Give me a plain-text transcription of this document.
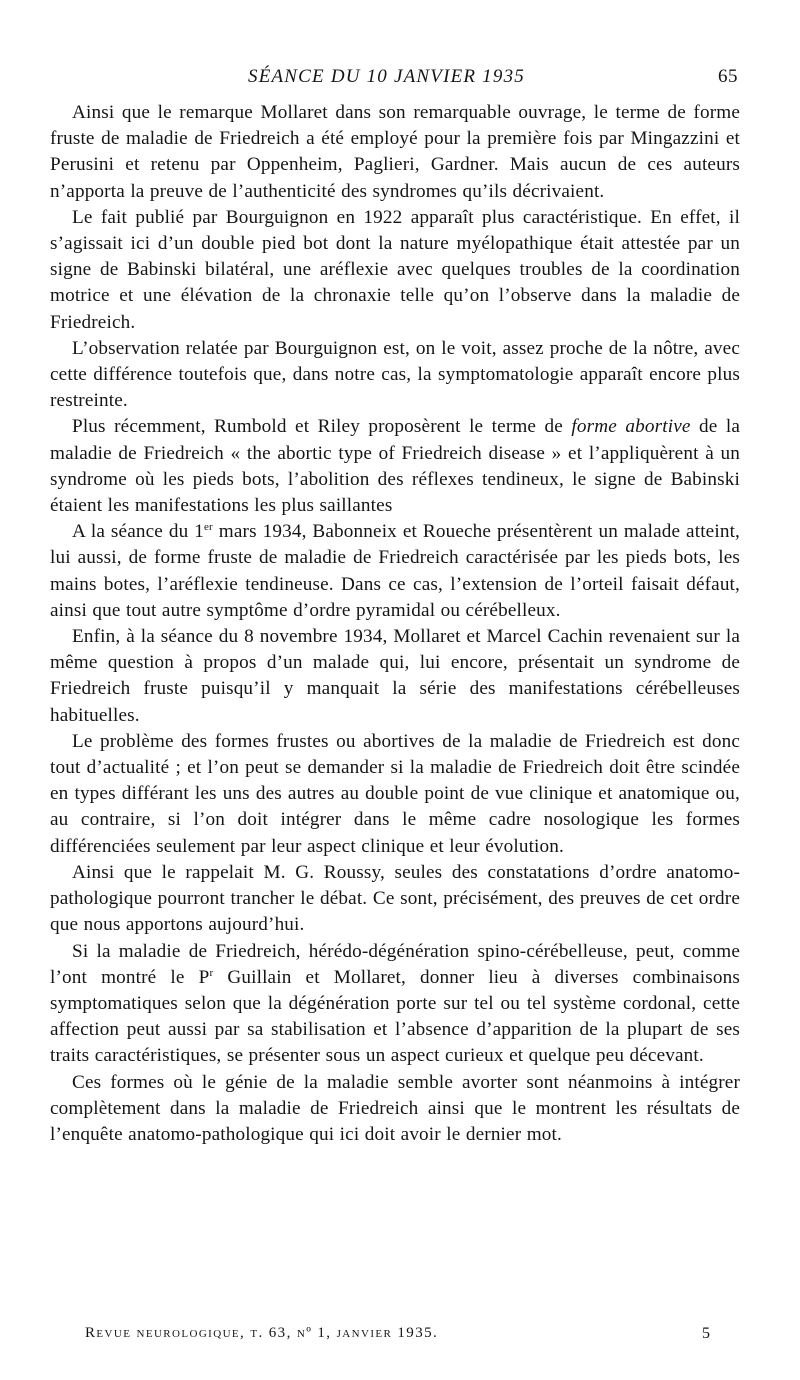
SÉANCE DU 10 JANVIER 1935	65

Ainsi que le remarque Mollaret dans son remarquable ouvrage, le terme de forme fruste de maladie de Friedreich a été employé pour la première fois par Mingazzini et Perusini et retenu par Oppenheim, Paglieri, Gardner. Mais aucun de ces auteurs n’apporta la preuve de l’authenticité des syndromes qu’ils décrivaient.

Le fait publié par Bourguignon en 1922 apparaît plus caractéristique. En effet, il s’agissait ici d’un double pied bot dont la nature myélopathique était attestée par un signe de Babinski bilatéral, une aréflexie avec quelques troubles de la coordination motrice et une élévation de la chronaxie telle qu’on l’observe dans la maladie de Friedreich.

L’observation relatée par Bourguignon est, on le voit, assez proche de la nôtre, avec cette différence toutefois que, dans notre cas, la symptomatologie apparaît encore plus restreinte.

Plus récemment, Rumbold et Riley proposèrent le terme de forme abortive de la maladie de Friedreich « the abortic type of Friedreich disease » et l’appliquèrent à un syndrome où les pieds bots, l’abolition des réflexes tendineux, le signe de Babinski étaient les manifestations les plus saillantes

A la séance du 1er mars 1934, Babonneix et Roueche présentèrent un malade atteint, lui aussi, de forme fruste de maladie de Friedreich caractérisée par les pieds bots, les mains botes, l’aréflexie tendineuse. Dans ce cas, l’extension de l’orteil faisait défaut, ainsi que tout autre symptôme d’ordre pyramidal ou cérébelleux.

Enfin, à la séance du 8 novembre 1934, Mollaret et Marcel Cachin revenaient sur la même question à propos d’un malade qui, lui encore, présentait un syndrome de Friedreich fruste puisqu’il y manquait la série des manifestations cérébelleuses habituelles.

Le problème des formes frustes ou abortives de la maladie de Friedreich est donc tout d’actualité ; et l’on peut se demander si la maladie de Friedreich doit être scindée en types différant les uns des autres au double point de vue clinique et anatomique ou, au contraire, si l’on doit intégrer dans le même cadre nosologique les formes différenciées seulement par leur aspect clinique et leur évolution.

Ainsi que le rappelait M. G. Roussy, seules des constatations d’ordre anatomo-pathologique pourront trancher le débat. Ce sont, précisément, des preuves de cet ordre que nous apportons aujourd’hui.

Si la maladie de Friedreich, hérédo-dégénération spino-cérébelleuse, peut, comme l’ont montré le $P^r$ Guillain et Mollaret, donner lieu à diverses combinaisons symptomatiques selon que la dégénération porte sur tel ou tel système cordonal, cette affection peut aussi par sa stabilisation et l’absence d’apparition de la plupart de ses traits caractéristiques, se présenter sous un aspect curieux et quelque peu décevant.

Ces formes où le génie de la maladie semble avorter sont néanmoins à intégrer complètement dans la maladie de Friedreich ainsi que le montrent les résultats de l’enquête anatomo-pathologique qui ici doit avoir le dernier mot.

Revue neurologique, t. 63, nº 1, janvier 1935.	5
